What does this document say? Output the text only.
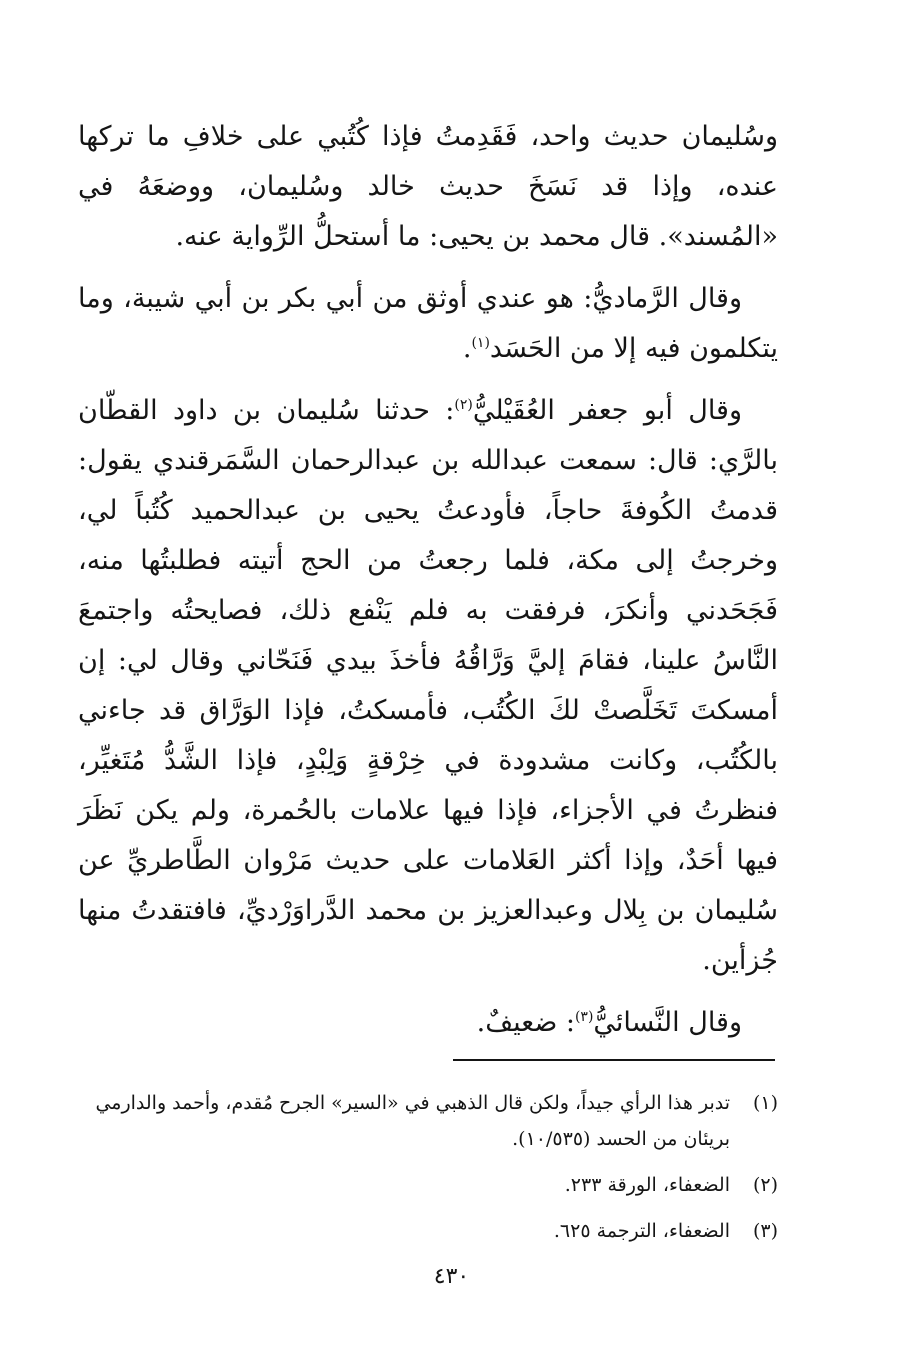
وسُليمان حديث واحد، فَقَدِمتُ فإذا كُتُبي على خلافِ ما تركها عنده، وإذا قد نَسَخَ حديث خالد وسُليمان، ووضعَهُ في «المُسند». قال محمد بن يحيى: ما أستحلُّ الرِّواية عنه.

وقال الرَّماديُّ: هو عندي أوثق من أبي بكر بن أبي شيبة، وما يتكلمون فيه إلا من الحَسَد$^{(١)}$.

وقال أبو جعفر العُقَيْليُّ$^{(٢)}$: حدثنا سُليمان بن داود القطّان بالرَّي: قال: سمعت عبدالله بن عبدالرحمان السَّمَرقندي يقول: قدمتُ الكُوفةَ حاجاً، فأودعتُ يحيى بن عبدالحميد كُتُباً لي، وخرجتُ إلى مكة، فلما رجعتُ من الحج أتيته فطلبتُها منه، فَجَحَدني وأنكرَ، فرفقت به فلم يَنْفع ذلك، فصايحتُه واجتمعَ النَّاسُ علينا، فقامَ إليَّ وَرَّاقُهُ فأخذَ بيدي فَنَحّاني وقال لي: إن أمسكتَ تَخَلَّصتْ لكَ الكُتُب، فأمسكتُ، فإذا الوَرَّاق قد جاءني بالكُتُب، وكانت مشدودة في خِرْقةٍ وَلِبْدٍ، فإذا الشَّدُّ مُتَغيِّر، فنظرتُ في الأجزاء، فإذا فيها علامات بالحُمرة، ولم يكن نَظَرَ فيها أحَدٌ، وإذا أكثر العَلامات على حديث مَرْوان الطَّاطريِّ عن سُليمان بن بِلال وعبدالعزيز بن محمد الدَّراوَرْديِّ، فافتقدتُ منها جُزأين.

وقال النَّسائيُّ$^{(٣)}$: ضعيفٌ.

(١)
تدبر هذا الرأي جيداً، ولكن قال الذهبي في «السير» الجرح مُقدم، وأحمد والدارمي
بريئان من الحسد (١٠/٥٣٥).
(٢)
الضعفاء، الورقة ٢٣٣.
(٣)
الضعفاء، الترجمة ٦٢٥.
٤٣٠
